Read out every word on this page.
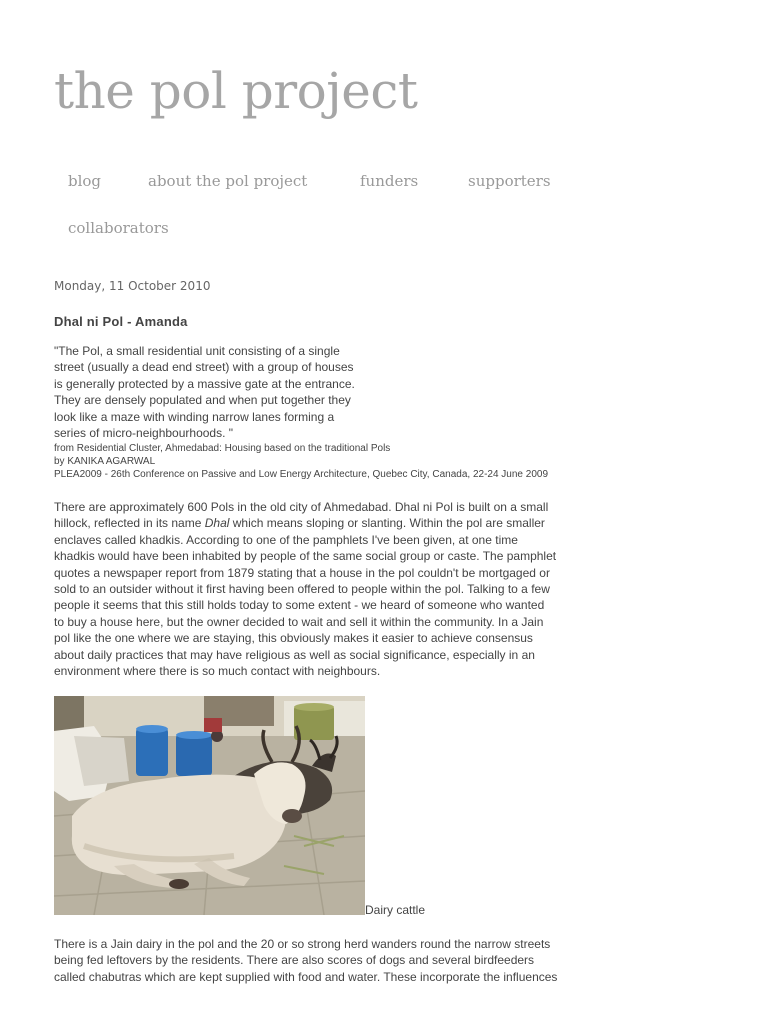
the pol project
blog	about the pol project	funders	supporters
collaborators
Monday, 11 October 2010
Dhal ni Pol - Amanda
"The Pol, a small residential unit consisting of a single
street (usually a dead end street) with a group of houses
is generally protected by a massive gate at the entrance.
They are densely populated and when put together they
look like a maze with winding narrow lanes forming a
series of micro-neighbourhoods. "
from Residential Cluster, Ahmedabad: Housing based on the traditional Pols
by KANIKA AGARWAL
PLEA2009 - 26th Conference on Passive and Low Energy Architecture, Quebec City, Canada, 22-24 June 2009
There are approximately 600 Pols in the old city of Ahmedabad. Dhal ni Pol is built on a small
hillock, reflected in its name Dhal which means sloping or slanting. Within the pol are smaller
enclaves called khadkis. According to one of the pamphlets I've been given, at one time
khadkis would have been inhabited by people of the same social group or caste. The pamphlet
quotes a newspaper report from 1879 stating that a house in the pol couldn't be mortgaged or
sold to an outsider without it first having been offered to people within the pol. Talking to a few
people it seems that this still holds today to some extent - we heard of someone who wanted
to buy a house here, but the owner decided to wait and sell it within the community. In a Jain
pol like the one where we are staying, this obviously makes it easier to achieve consensus
about daily practices that may have religious as well as social significance, especially in an
environment where there is so much contact with neighbours.
Dairy cattle
There is a Jain dairy in the pol and the 20 or so strong herd wanders round the narrow streets
being fed leftovers by the residents. There are also scores of dogs and several birdfeeders
called chabutras which are kept supplied with food and water. These incorporate the influences
